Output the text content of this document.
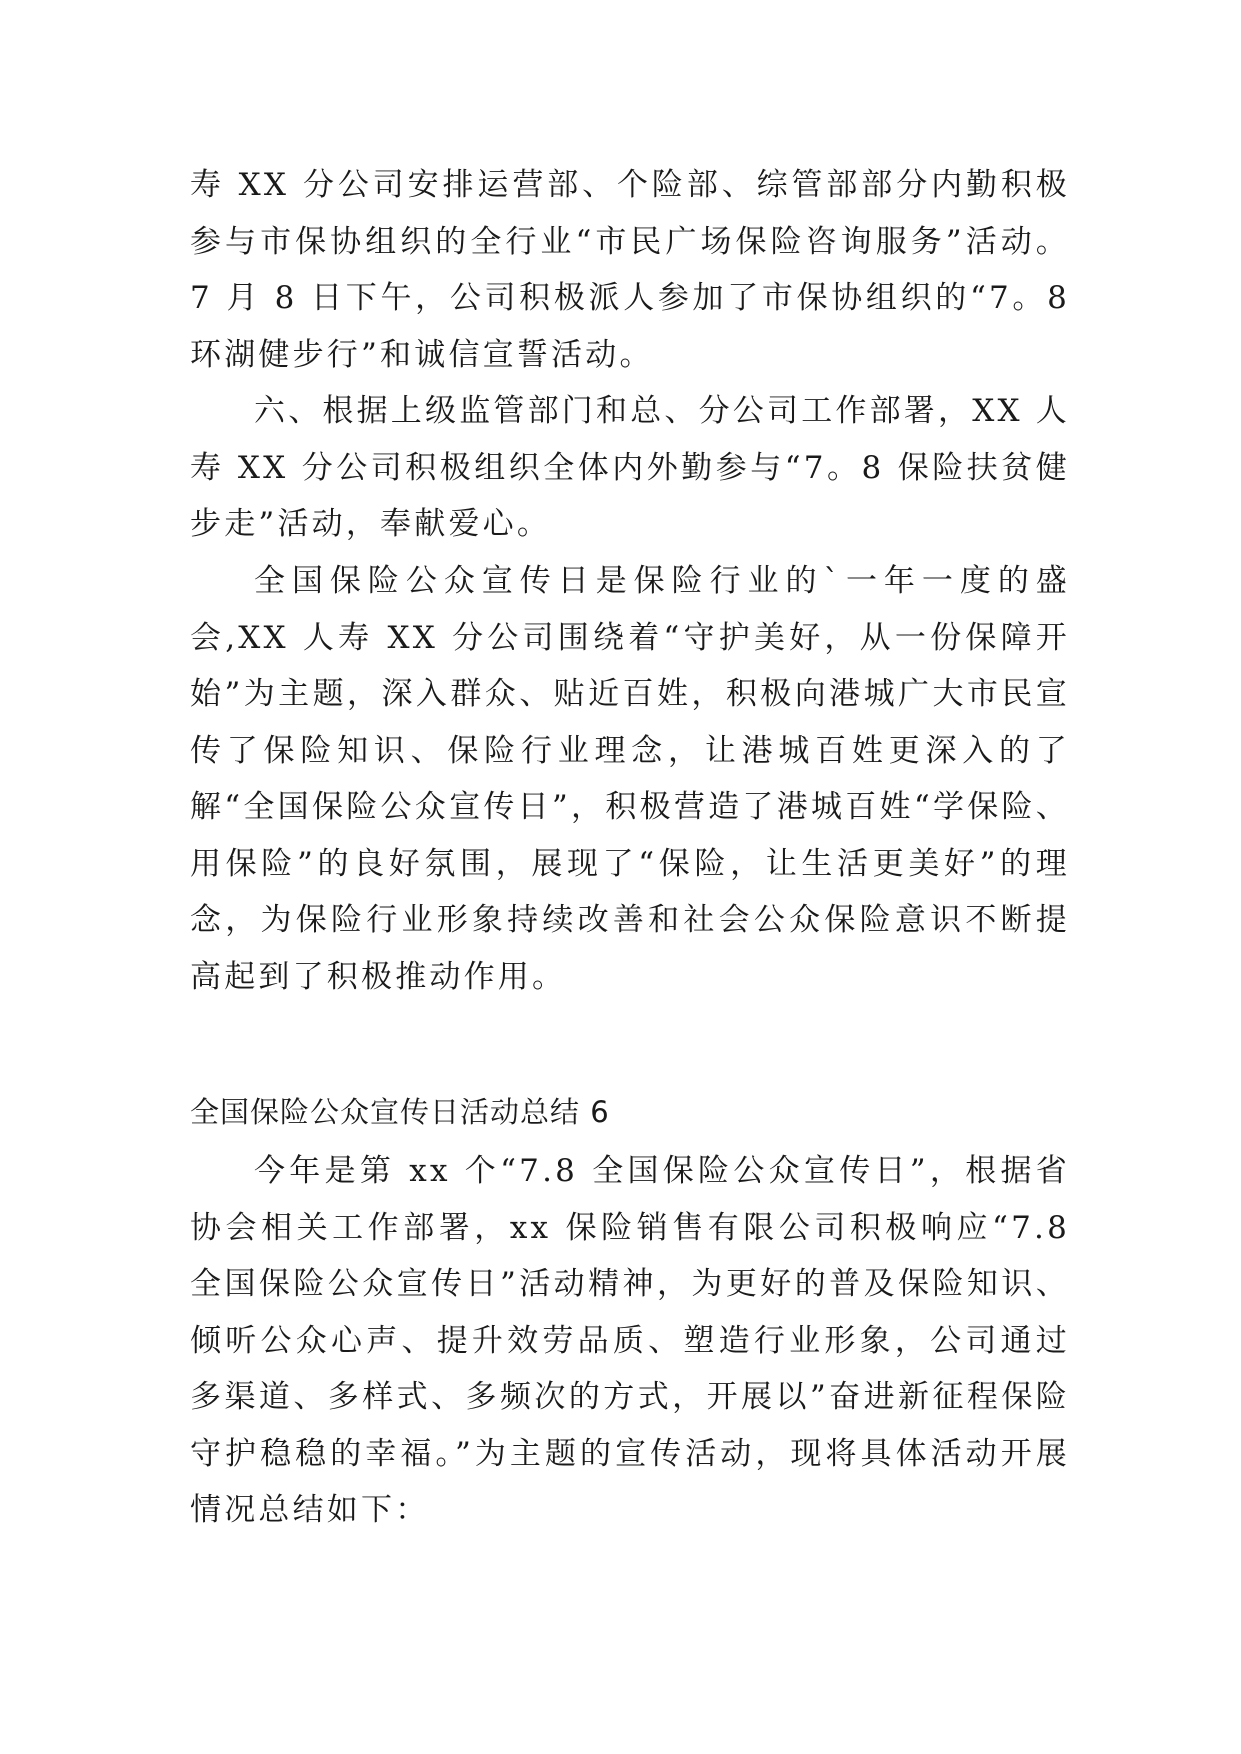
寿 XX 分公司安排运营部、个险部、综管部部分内勤积极参与市保协组织的全行业“市民广场保险咨询服务”活动。7 月 8 日下午，公司积极派人参加了市保协组织的“7。8 环湖健步行”和诚信宣誓活动。

六、根据上级监管部门和总、分公司工作部署，XX 人寿 XX 分公司积极组织全体内外勤参与“7。8 保险扶贫健步走”活动，奉献爱心。

全国保险公众宣传日是保险行业的`一年一度的盛会,XX 人寿 XX 分公司围绕着“守护美好，从一份保障开始”为主题，深入群众、贴近百姓，积极向港城广大市民宣传了保险知识、保险行业理念，让港城百姓更深入的了解“全国保险公众宣传日”，积极营造了港城百姓“学保险、用保险”的良好氛围，展现了“保险，让生活更美好”的理念，为保险行业形象持续改善和社会公众保险意识不断提高起到了积极推动作用。

全国保险公众宣传日活动总结 6

今年是第 xx 个“7.8 全国保险公众宣传日”，根据省协会相关工作部署，xx 保险销售有限公司积极响应“7.8 全国保险公众宣传日”活动精神，为更好的普及保险知识、倾听公众心声、提升效劳品质、塑造行业形象，公司通过多渠道、多样式、多频次的方式，开展以”奋进新征程保险守护稳稳的幸福。”为主题的宣传活动，现将具体活动开展情况总结如下：
